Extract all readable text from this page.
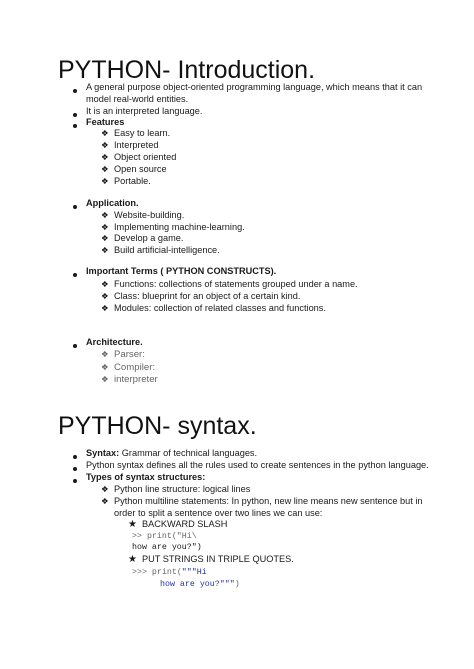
PYTHON- Introduction.
A general purpose object-oriented programming language, which means that it can
model real-world entities.
It is an interpreted language.
Features
❖ Easy to learn.
❖ Interpreted
❖ Object oriented
❖ Open source
❖ Portable.
Application.
❖ Website-building.
❖ Implementing machine-learning.
❖ Develop a game.
❖ Build artificial-intelligence.
Important Terms ( PYTHON CONSTRUCTS).
❖ Functions: collections of statements grouped under a name.
❖ Class: blueprint for an object of a certain kind.
❖ Modules: collection of related classes and functions.
Architecture.
❖ Parser:
❖ Compiler:
❖ interpreter
PYTHON- syntax.
Syntax: Grammar of technical languages.
Python syntax defines all the rules used to create sentences in the python language.
Types of syntax structures:
❖ Python line structure: logical lines
❖ Python multiline statements: In python, new line means new sentence but in
order to split a sentence over two lines we can use:
★ BACKWARD SLASH
>> print("Hi\
how are you?")
★ PUT STRINGS IN TRIPLE QUOTES.
>>> print("""Hi
how are you?""")
